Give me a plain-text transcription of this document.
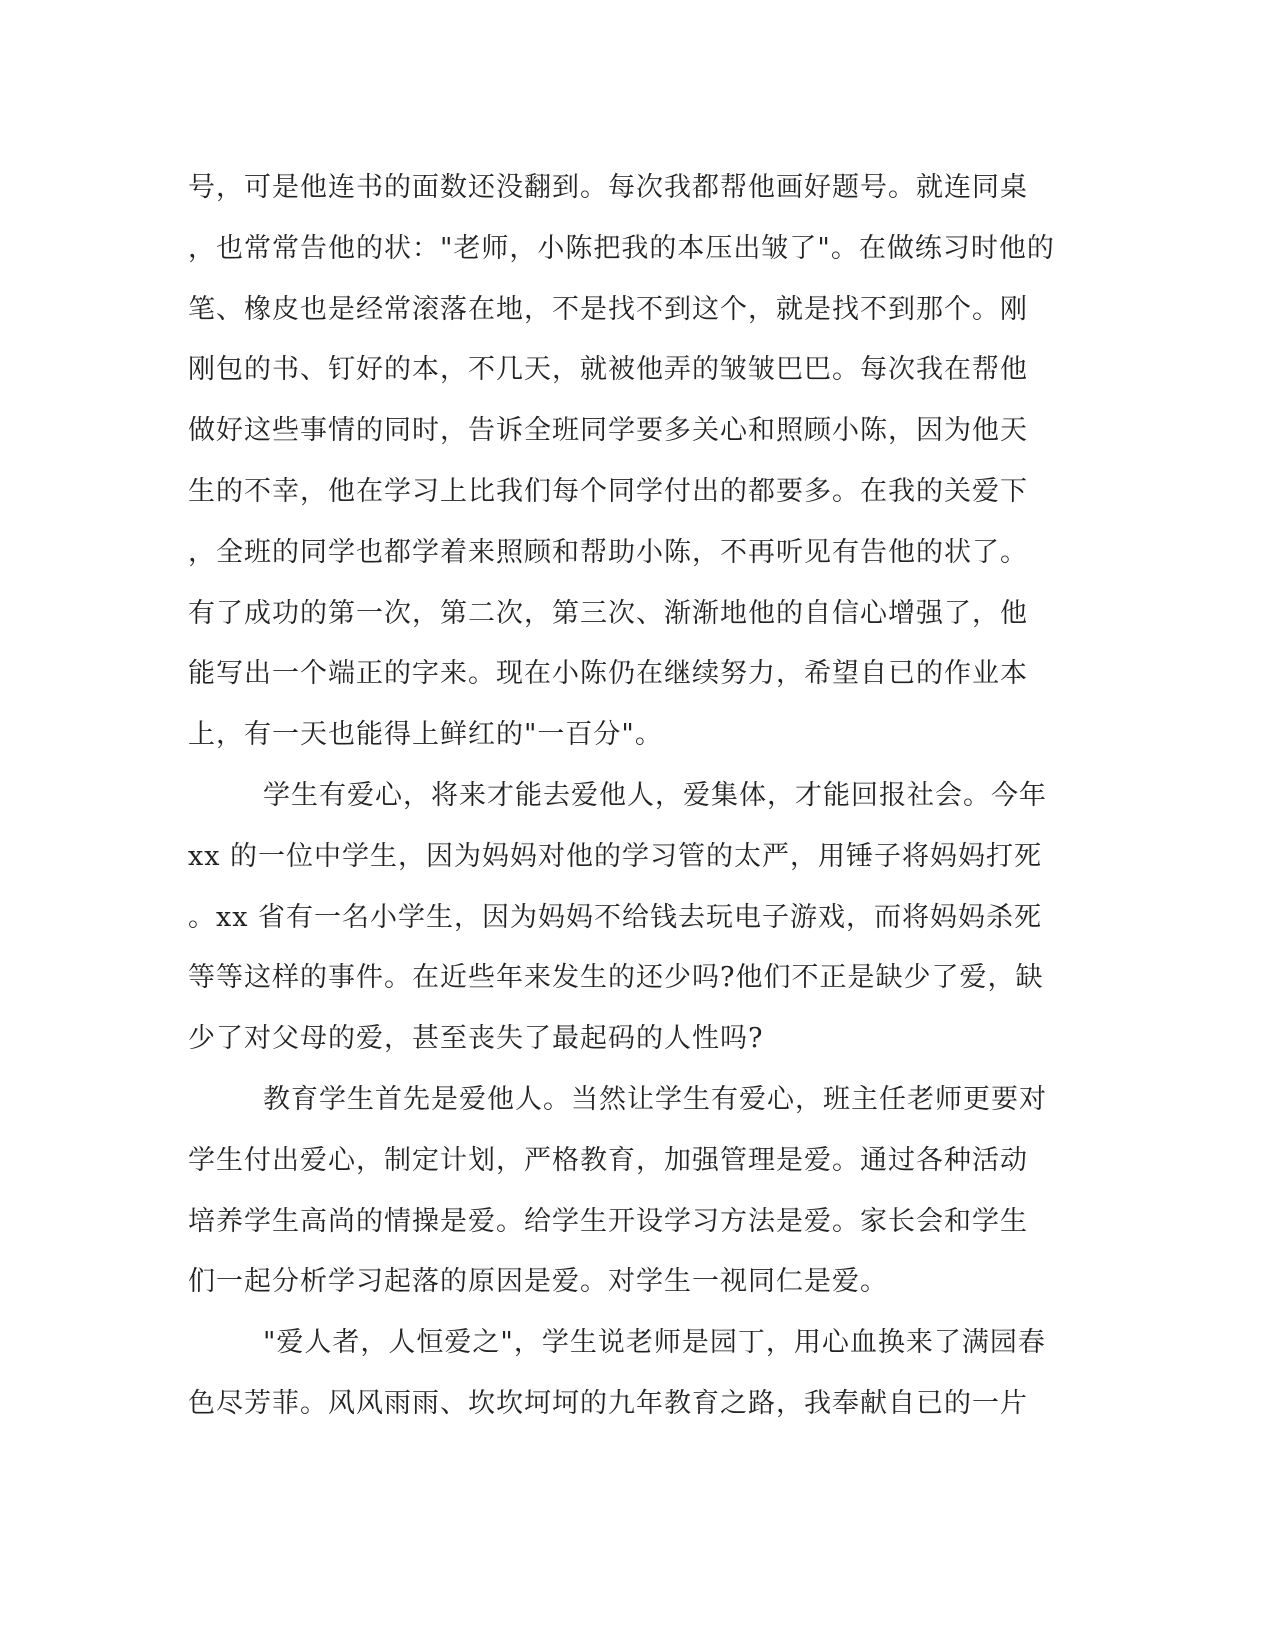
号，可是他连书的面数还没翻到。每次我都帮他画好题号。就连同桌
，也常常告他的状："老师，小陈把我的本压出皱了"。在做练习时他的
笔、橡皮也是经常滚落在地，不是找不到这个，就是找不到那个。刚
刚包的书、钉好的本，不几天，就被他弄的皱皱巴巴。每次我在帮他
做好这些事情的同时，告诉全班同学要多关心和照顾小陈，因为他天
生的不幸，他在学习上比我们每个同学付出的都要多。在我的关爱下
，全班的同学也都学着来照顾和帮助小陈，不再听见有告他的状了。
有了成功的第一次，第二次，第三次、渐渐地他的自信心增强了，他
能写出一个端正的字来。现在小陈仍在继续努力，希望自已的作业本
上，有一天也能得上鲜红的"一百分"。
学生有爱心，将来才能去爱他人，爱集体，才能回报社会。今年
xx 的一位中学生，因为妈妈对他的学习管的太严，用锤子将妈妈打死
。xx 省有一名小学生，因为妈妈不给钱去玩电子游戏，而将妈妈杀死
等等这样的事件。在近些年来发生的还少吗?他们不正是缺少了爱，缺
少了对父母的爱，甚至丧失了最起码的人性吗?
教育学生首先是爱他人。当然让学生有爱心，班主任老师更要对
学生付出爱心，制定计划，严格教育，加强管理是爱。通过各种活动
培养学生高尚的情操是爱。给学生开设学习方法是爱。家长会和学生
们一起分析学习起落的原因是爱。对学生一视同仁是爱。
"爱人者，人恒爱之"，学生说老师是园丁，用心血换来了满园春
色尽芳菲。风风雨雨、坎坎坷坷的九年教育之路，我奉献自已的一片
